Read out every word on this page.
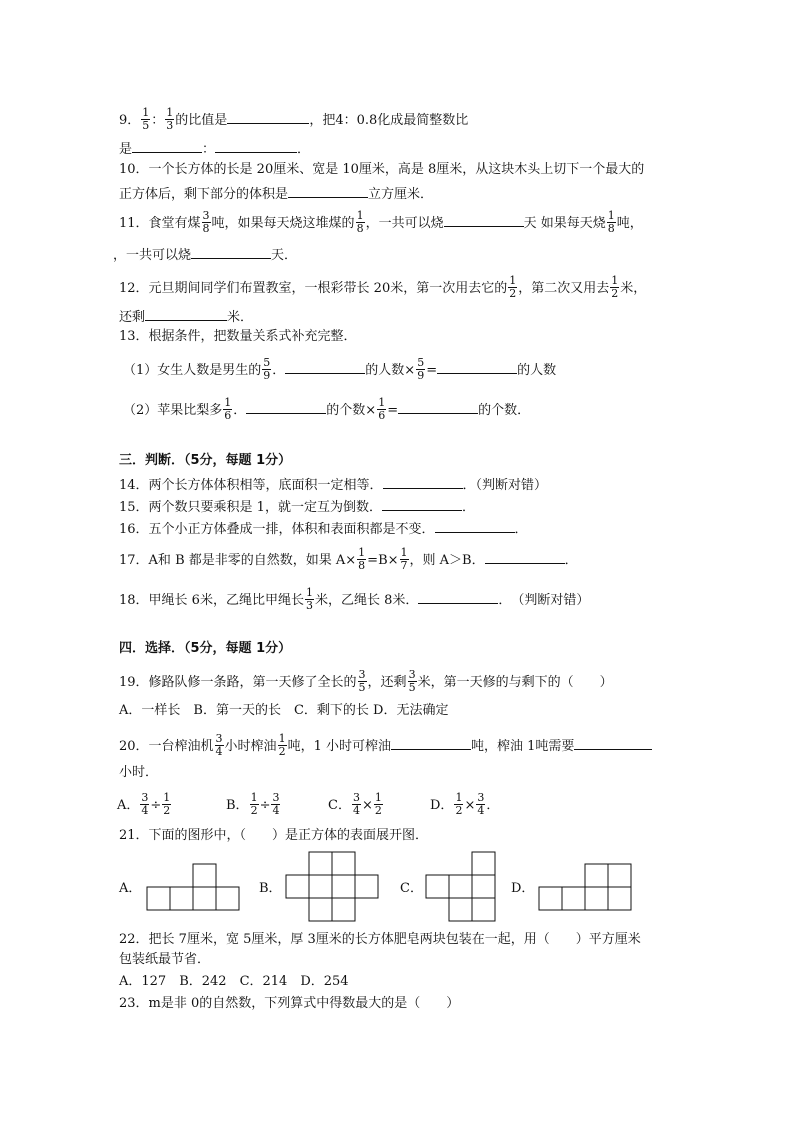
9． $\frac{1}{5}$ ： $\frac{1}{3}$ 的比值是	，把4：0.8化成最简整数比
是	：	．
10．一个长方体的长是 20厘米、宽是 10厘米，高是 8厘米，从这块木头上切下一个最大的
正方体后，剩下部分的体积是	立方厘米．
11．食堂有煤 $\frac{3}{8}$ 吨，如果每天烧这堆煤的 $\frac{1}{8}$ ，一共可以烧	天 如果每天烧 $\frac{1}{8}$ 吨，
，一共可以烧	天．
12．元旦期间同学们布置教室，一根彩带长 20米，第一次用去它的 $\frac{1}{2}$ ，第二次又用去 $\frac{1}{2}$ 米，
还剩	米．
13．根据条件，把数量关系式补充完整．
（1）女生人数是男生的 $\frac{5}{9}$ ．	的人数× $\frac{5}{9}$ =	的人数
（2）苹果比梨多 $\frac{1}{6}$ ．	的个数× $\frac{1}{6}$ =	的个数．
三．判断．（5分，每题 1分）
14．两个长方体体积相等，底面积一定相等．	．（判断对错）
15．两个数只要乘积是 1，就一定互为倒数．	．
16．五个小正方体叠成一排，体积和表面积都是不变．	．
17．A和 B 都是非零的自然数，如果 $A\times \frac{1}{8} =B\times \frac{1}{7}$ ，则 A＞B．	．
18．甲绳长 6米，乙绳比甲绳长 $\frac{1}{3}$ 米，乙绳长 8米．	．　（判断对错）
四．选择．（5分，每题 1分）
19．修路队修一条路，第一天修了全长的 $\frac{3}{5}$ ，还剩 $\frac{3}{5}$ 米，第一天修的与剩下的（　　）
A．一样长　B．第一天的长　C．剩下的长 D．无法确定
20．一台榨油机 $\frac{3}{4}$ 小时榨油 $\frac{1}{2}$ 吨，1 小时可榨油	吨，榨油 1吨需要
小时．
A． $\frac{3}{4} \div \frac{1}{2}$	B． $\frac{1}{2} \div \frac{3}{4}$	C． $\frac{3}{4} \times \frac{1}{2}$	D． $\frac{1}{2} \times \frac{3}{4}$ ．
21．下面的图形中，（　　）是正方体的表面展开图．
A．	B．	C．	D．
22．把长 7厘米，宽 5厘米，厚 3厘米的长方体肥皂两块包装在一起，用（　　）平方厘米
包装纸最节省．
A．127　B．242　C．214　D．254
23．m是非 0的自然数，下列算式中得数最大的是（　　）
